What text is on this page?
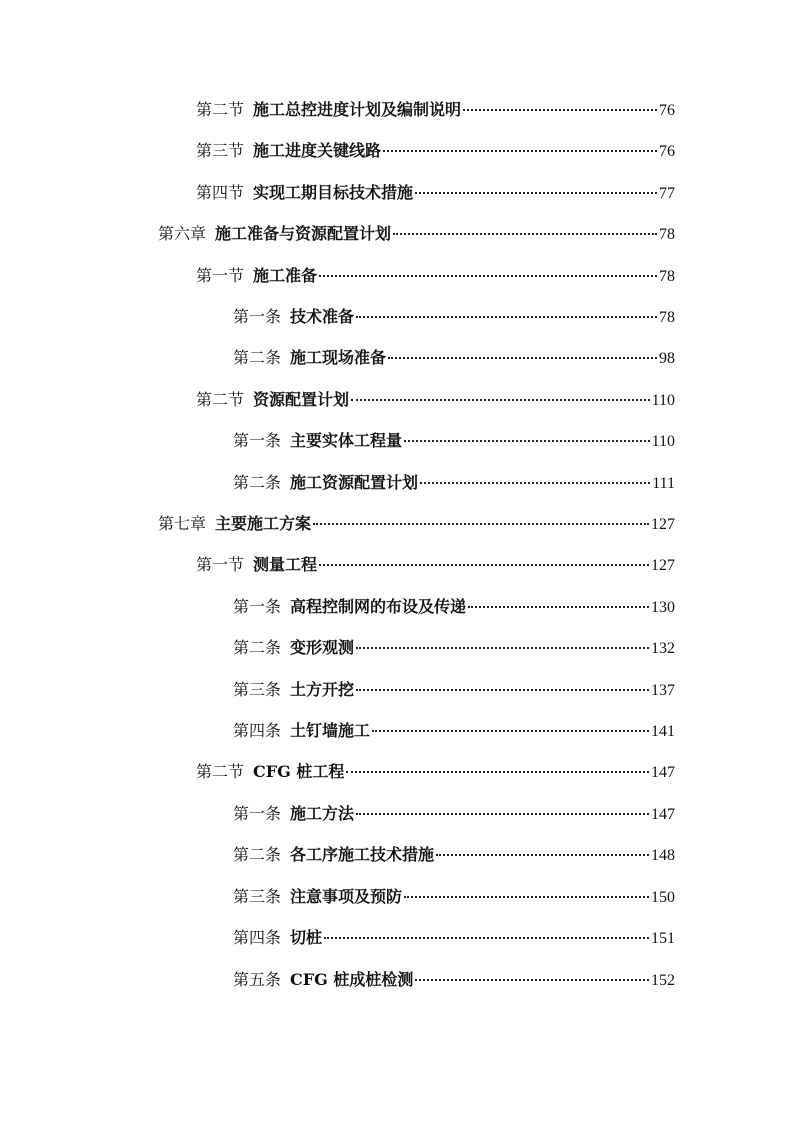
第二节 施工总控进度计划及编制说明	76
第三节 施工进度关键线路	76
第四节 实现工期目标技术措施	77
第六章 施工准备与资源配置计划	78
第一节 施工准备	78
第一条 技术准备	78
第二条 施工现场准备	98
第二节 资源配置计划	110
第一条 主要实体工程量	110
第二条 施工资源配置计划	111
第七章 主要施工方案	127
第一节 测量工程	127
第一条 高程控制网的布设及传递	130
第二条 变形观测	132
第三条 土方开挖	137
第四条 土钉墙施工	141
第二节 CFG 桩工程	147
第一条 施工方法	147
第二条 各工序施工技术措施	148
第三条 注意事项及预防	150
第四条 切桩	151
第五条 CFG 桩成桩检测	152
